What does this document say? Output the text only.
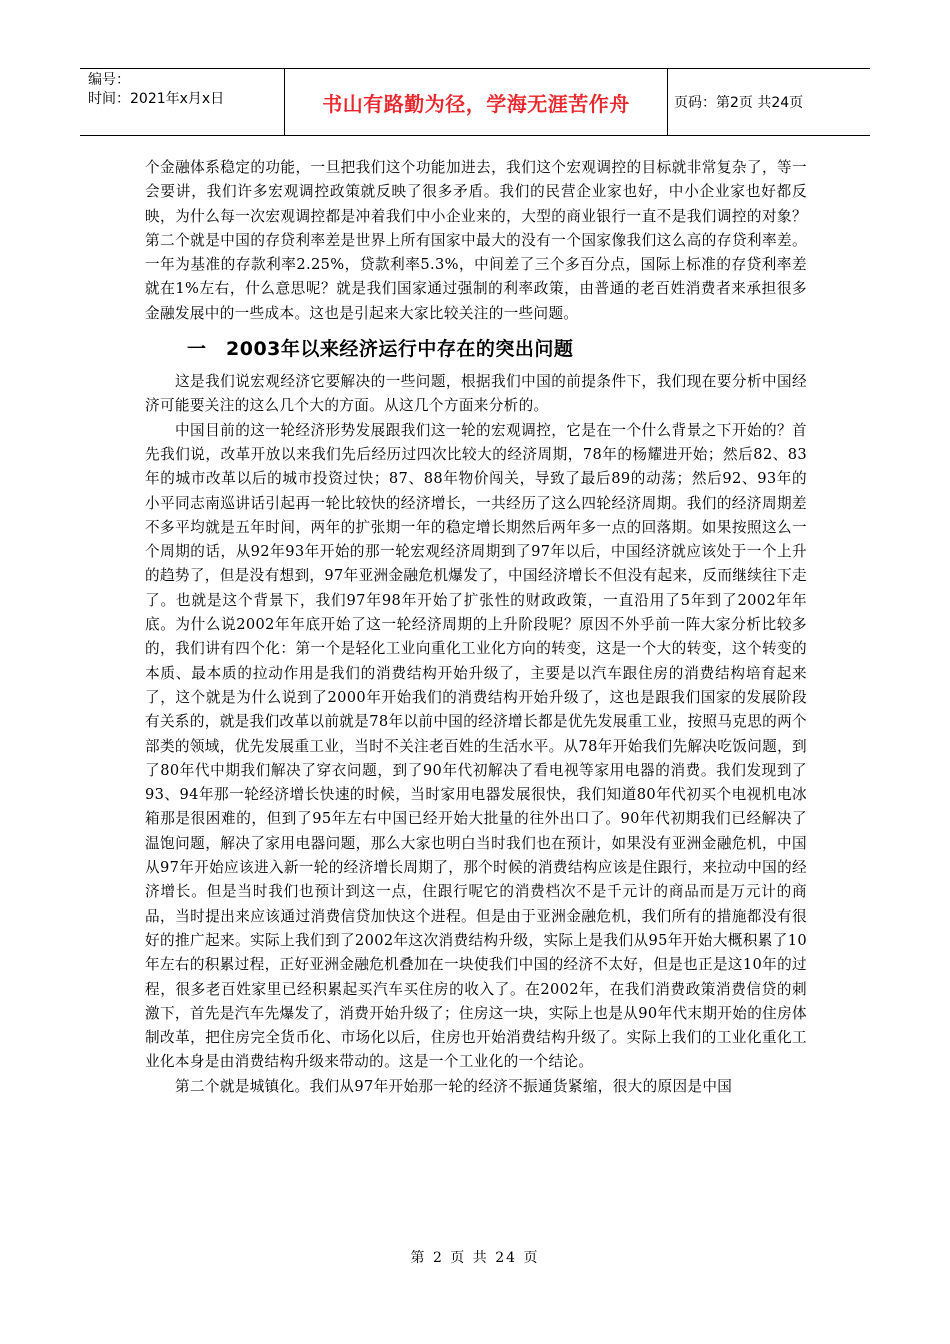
编号：
时间：2021年x月x日	书山有路勤为径，学海无涯苦作舟	页码：第2页 共24页

个金融体系稳定的功能，一旦把我们这个功能加进去，我们这个宏观调控的目标就非常复杂了，等一会要讲，我们许多宏观调控政策就反映了很多矛盾。我们的民营企业家也好，中小企业家也好都反映，为什么每一次宏观调控都是冲着我们中小企业来的，大型的商业银行一直不是我们调控的对象？第二个就是中国的存贷利率差是世界上所有国家中最大的没有一个国家像我们这么高的存贷利率差。一年为基准的存款利率2.25%，贷款利率5.3%，中间差了三个多百分点，国际上标准的存贷利率差就在1%左右，什么意思呢？就是我们国家通过强制的利率政策，由普通的老百姓消费者来承担很多金融发展中的一些成本。这也是引起来大家比较关注的一些问题。

一　2003年以来经济运行中存在的突出问题

这是我们说宏观经济它要解决的一些问题，根据我们中国的前提条件下，我们现在要分析中国经济可能要关注的这么几个大的方面。从这几个方面来分析的。

中国目前的这一轮经济形势发展跟我们这一轮的宏观调控，它是在一个什么背景之下开始的？首先我们说，改革开放以来我们先后经历过四次比较大的经济周期，78年的杨耀进开始；然后82、83年的城市改革以后的城市投资过快；87、88年物价闯关，导致了最后89的动荡；然后92、93年的小平同志南巡讲话引起再一轮比较快的经济增长，一共经历了这么四轮经济周期。我们的经济周期差不多平均就是五年时间，两年的扩张期一年的稳定增长期然后两年多一点的回落期。如果按照这么一个周期的话，从92年93年开始的那一轮宏观经济周期到了97年以后，中国经济就应该处于一个上升的趋势了，但是没有想到，97年亚洲金融危机爆发了，中国经济增长不但没有起来，反而继续往下走了。也就是这个背景下，我们97年98年开始了扩张性的财政政策，一直沿用了5年到了2002年年底。为什么说2002年年底开始了这一轮经济周期的上升阶段呢？原因不外乎前一阵大家分析比较多的，我们讲有四个化：第一个是轻化工业向重化工业化方向的转变，这是一个大的转变，这个转变的本质、最本质的拉动作用是我们的消费结构开始升级了，主要是以汽车跟住房的消费结构培育起来了，这个就是为什么说到了2000年开始我们的消费结构开始升级了，这也是跟我们国家的发展阶段有关系的，就是我们改革以前就是78年以前中国的经济增长都是优先发展重工业，按照马克思的两个部类的领域，优先发展重工业，当时不关注老百姓的生活水平。从78年开始我们先解决吃饭问题，到了80年代中期我们解决了穿衣问题，到了90年代初解决了看电视等家用电器的消费。我们发现到了93、94年那一轮经济增长快速的时候，当时家用电器发展很快，我们知道80年代初买个电视机电冰箱那是很困难的，但到了95年左右中国已经开始大批量的往外出口了。90年代初期我们已经解决了温饱问题，解决了家用电器问题，那么大家也明白当时我们也在预计，如果没有亚洲金融危机，中国从97年开始应该进入新一轮的经济增长周期了，那个时候的消费结构应该是住跟行，来拉动中国的经济增长。但是当时我们也预计到这一点，住跟行呢它的消费档次不是千元计的商品而是万元计的商品，当时提出来应该通过消费信贷加快这个进程。但是由于亚洲金融危机，我们所有的措施都没有很好的推广起来。实际上我们到了2002年这次消费结构升级，实际上是我们从95年开始大概积累了10年左右的积累过程，正好亚洲金融危机叠加在一块使我们中国的经济不太好，但是也正是这10年的过程，很多老百姓家里已经积累起买汽车买住房的收入了。在2002年，在我们消费政策消费信贷的刺激下，首先是汽车先爆发了，消费开始升级了；住房这一块，实际上也是从90年代末期开始的住房体制改革，把住房完全货币化、市场化以后，住房也开始消费结构升级了。实际上我们的工业化重化工业化本身是由消费结构升级来带动的。这是一个工业化的一个结论。

第二个就是城镇化。我们从97年开始那一轮的经济不振通货紧缩，很大的原因是中国

第 2 页 共 24 页
